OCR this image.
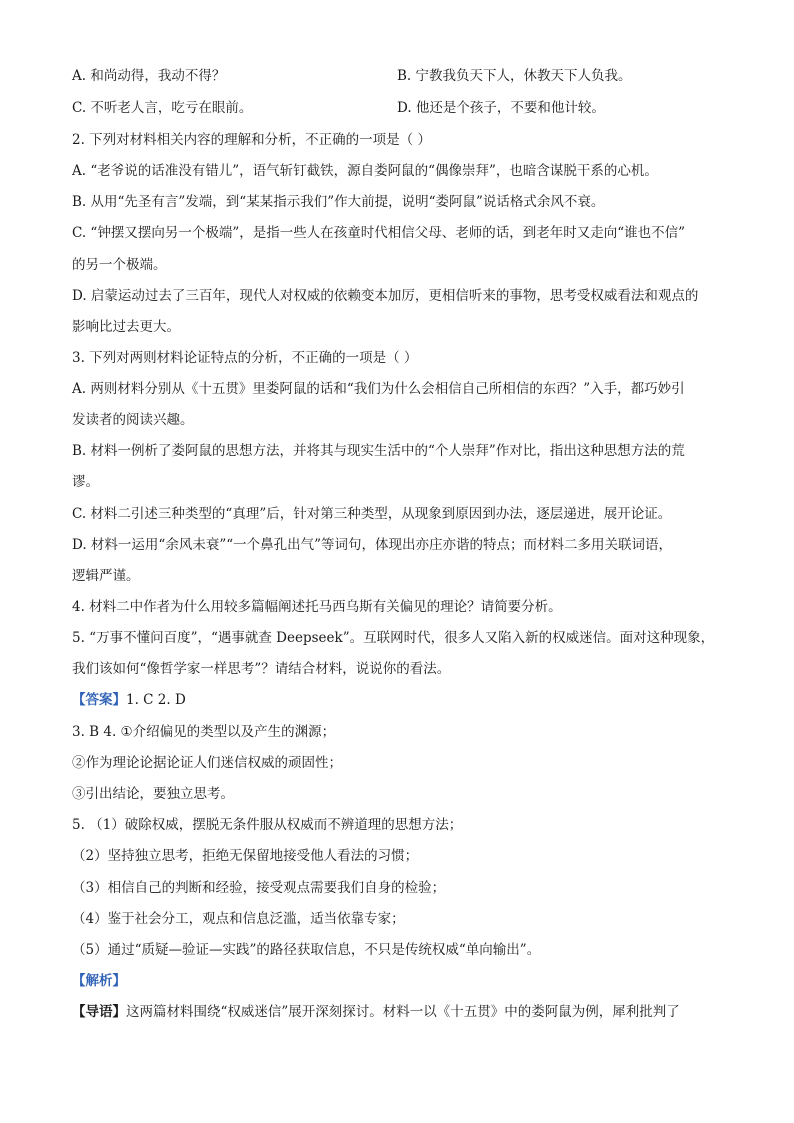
A. 和尚动得，我动不得？	B. 宁教我负天下人，休教天下人负我。
C. 不听老人言，吃亏在眼前。	D. 他还是个孩子，不要和他计较。
2. 下列对材料相关内容的理解和分析，不正确的一项是（ ）
A. “老爷说的话准没有错儿”，语气斩钉截铁，源自娄阿鼠的“偶像崇拜”，也暗含谋脱干系的心机。
B. 从用“先圣有言”发端，到“某某指示我们”作大前提，说明“娄阿鼠”说话格式余风不衰。
C. “钟摆又摆向另一个极端”，是指一些人在孩童时代相信父母、老师的话，到老年时又走向“谁也不信”
的另一个极端。
D. 启蒙运动过去了三百年，现代人对权威的依赖变本加厉，更相信听来的事物，思考受权威看法和观点的
影响比过去更大。
3. 下列对两则材料论证特点的分析，不正确的一项是（ ）
A. 两则材料分别从《十五贯》里娄阿鼠的话和“我们为什么会相信自己所相信的东西？”入手，都巧妙引
发读者的阅读兴趣。
B. 材料一例析了娄阿鼠的思想方法，并将其与现实生活中的“个人崇拜”作对比，指出这种思想方法的荒
谬。
C. 材料二引述三种类型的“真理”后，针对第三种类型，从现象到原因到办法，逐层递进，展开论证。
D. 材料一运用“余风未衰”“一个鼻孔出气”等词句，体现出亦庄亦谐的特点；而材料二多用关联词语，
逻辑严谨。
4. 材料二中作者为什么用较多篇幅阐述托马西乌斯有关偏见的理论？请简要分析。
5. “万事不懂问百度”，“遇事就查 Deepseek”。互联网时代，很多人又陷入新的权威迷信。面对这种现象，
我们该如何“像哲学家一样思考”？请结合材料，说说你的看法。
【答案】1. C 2. D
3. B 4. ①介绍偏见的类型以及产生的渊源；
②作为理论论据论证人们迷信权威的顽固性；
③引出结论，要独立思考。
5. （1）破除权威，摆脱无条件服从权威而不辨道理的思想方法；
（2）坚持独立思考，拒绝无保留地接受他人看法的习惯；
（3）相信自己的判断和经验，接受观点需要我们自身的检验；
（4）鉴于社会分工，观点和信息泛滥，适当依靠专家；
（5）通过“质疑—验证—实践”的路径获取信息，不只是传统权威“单向输出”。
【解析】
【导语】这两篇材料围绕“权威迷信”展开深刻探讨。材料一以《十五贯》中的娄阿鼠为例，犀利批判了
